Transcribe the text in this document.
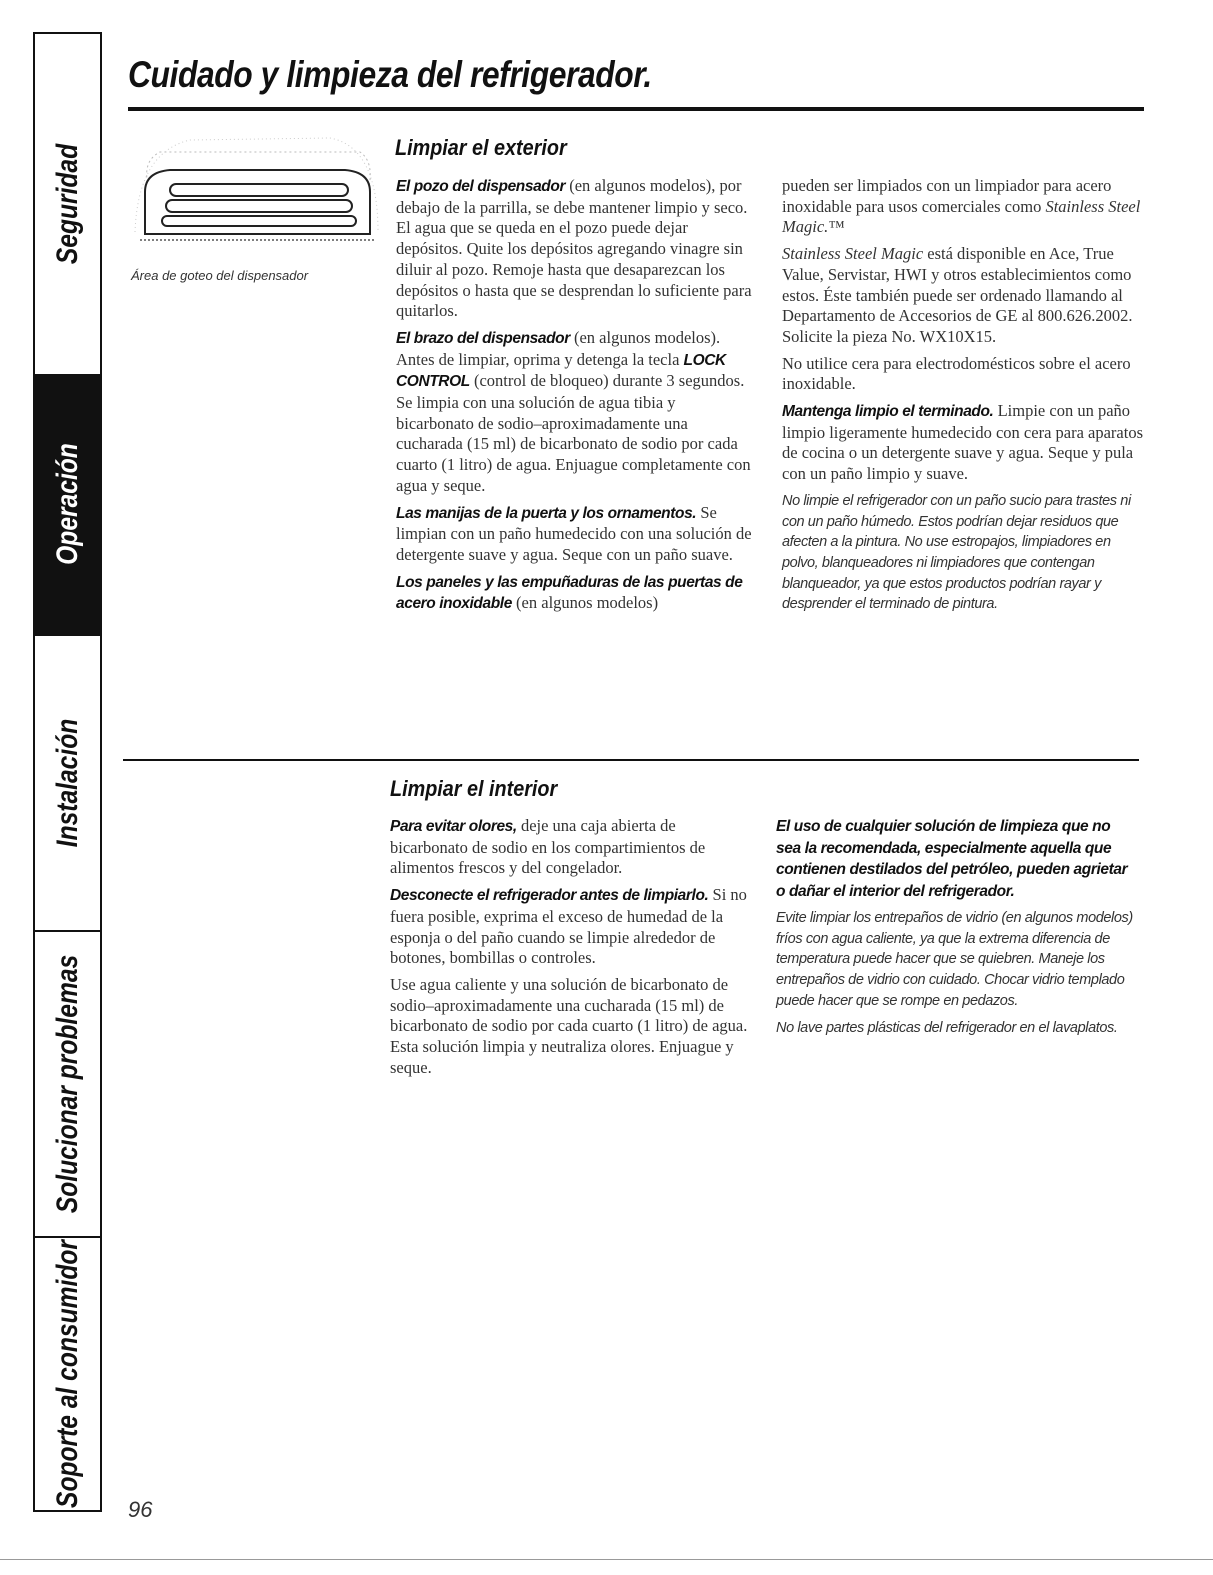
Seguridad
Operación
Instalación
Solucionar problemas
Soporte al consumidor
Cuidado y limpieza del refrigerador.
Área de goteo del dispensador
Limpiar el exterior

El pozo del dispensador (en algunos modelos), por debajo de la parrilla, se debe mantener limpio y seco. El agua que se queda en el pozo puede dejar depósitos. Quite los depósitos agregando vinagre sin diluir al pozo. Remoje hasta que desaparezcan los depósitos o hasta que se desprendan lo suficiente para quitarlos.

El brazo del dispensador (en algunos modelos). Antes de limpiar, oprima y detenga la tecla LOCK CONTROL (control de bloqueo) durante 3 segundos. Se limpia con una solución de agua tibia y bicarbonato de sodio–aproximadamente una cucharada (15 ml) de bicarbonato de sodio por cada cuarto (1 litro) de agua. Enjuague completamente con agua y seque.

Las manijas de la puerta y los ornamentos. Se limpian con un paño humedecido con una solución de detergente suave y agua. Seque con un paño suave.

Los paneles y las empuñaduras de las puertas de acero inoxidable (en algunos modelos)

pueden ser limpiados con un limpiador para acero inoxidable para usos comerciales como Stainless Steel Magic.™

Stainless Steel Magic está disponible en Ace, True Value, Servistar, HWI y otros establecimientos como estos. Éste también puede ser ordenado llamando al Departamento de Accesorios de GE al 800.626.2002. Solicite la pieza No. WX10X15.

No utilice cera para electrodomésticos sobre el acero inoxidable.

Mantenga limpio el terminado. Limpie con un paño limpio ligeramente humedecido con cera para aparatos de cocina o un detergente suave y agua. Seque y pula con un paño limpio y suave.

No limpie el refrigerador con un paño sucio para trastes ni con un paño húmedo. Estos podrían dejar residuos que afecten a la pintura. No use estropajos, limpiadores en polvo, blanqueadores ni limpiadores que contengan blanqueador, ya que estos productos podrían rayar y desprender el terminado de pintura.

Limpiar el interior

Para evitar olores, deje una caja abierta de bicarbonato de sodio en los compartimientos de alimentos frescos y del congelador.

Desconecte el refrigerador antes de limpiarlo. Si no fuera posible, exprima el exceso de humedad de la esponja o del paño cuando se limpie alrededor de botones, bombillas o controles.

Use agua caliente y una solución de bicarbonato de sodio–aproximadamente una cucharada (15 ml) de bicarbonato de sodio por cada cuarto (1 litro) de agua. Esta solución limpia y neutraliza olores. Enjuague y seque.

El uso de cualquier solución de limpieza que no sea la recomendada, especialmente aquella que contienen destilados del petróleo, pueden agrietar o dañar el interior del refrigerador.

Evite limpiar los entrepaños de vidrio (en algunos modelos) fríos con agua caliente, ya que la extrema diferencia de temperatura puede hacer que se quiebren. Maneje los entrepaños de vidrio con cuidado. Chocar vidrio templado puede hacer que se rompe en pedazos.

No lave partes plásticas del refrigerador en el lavaplatos.

96
